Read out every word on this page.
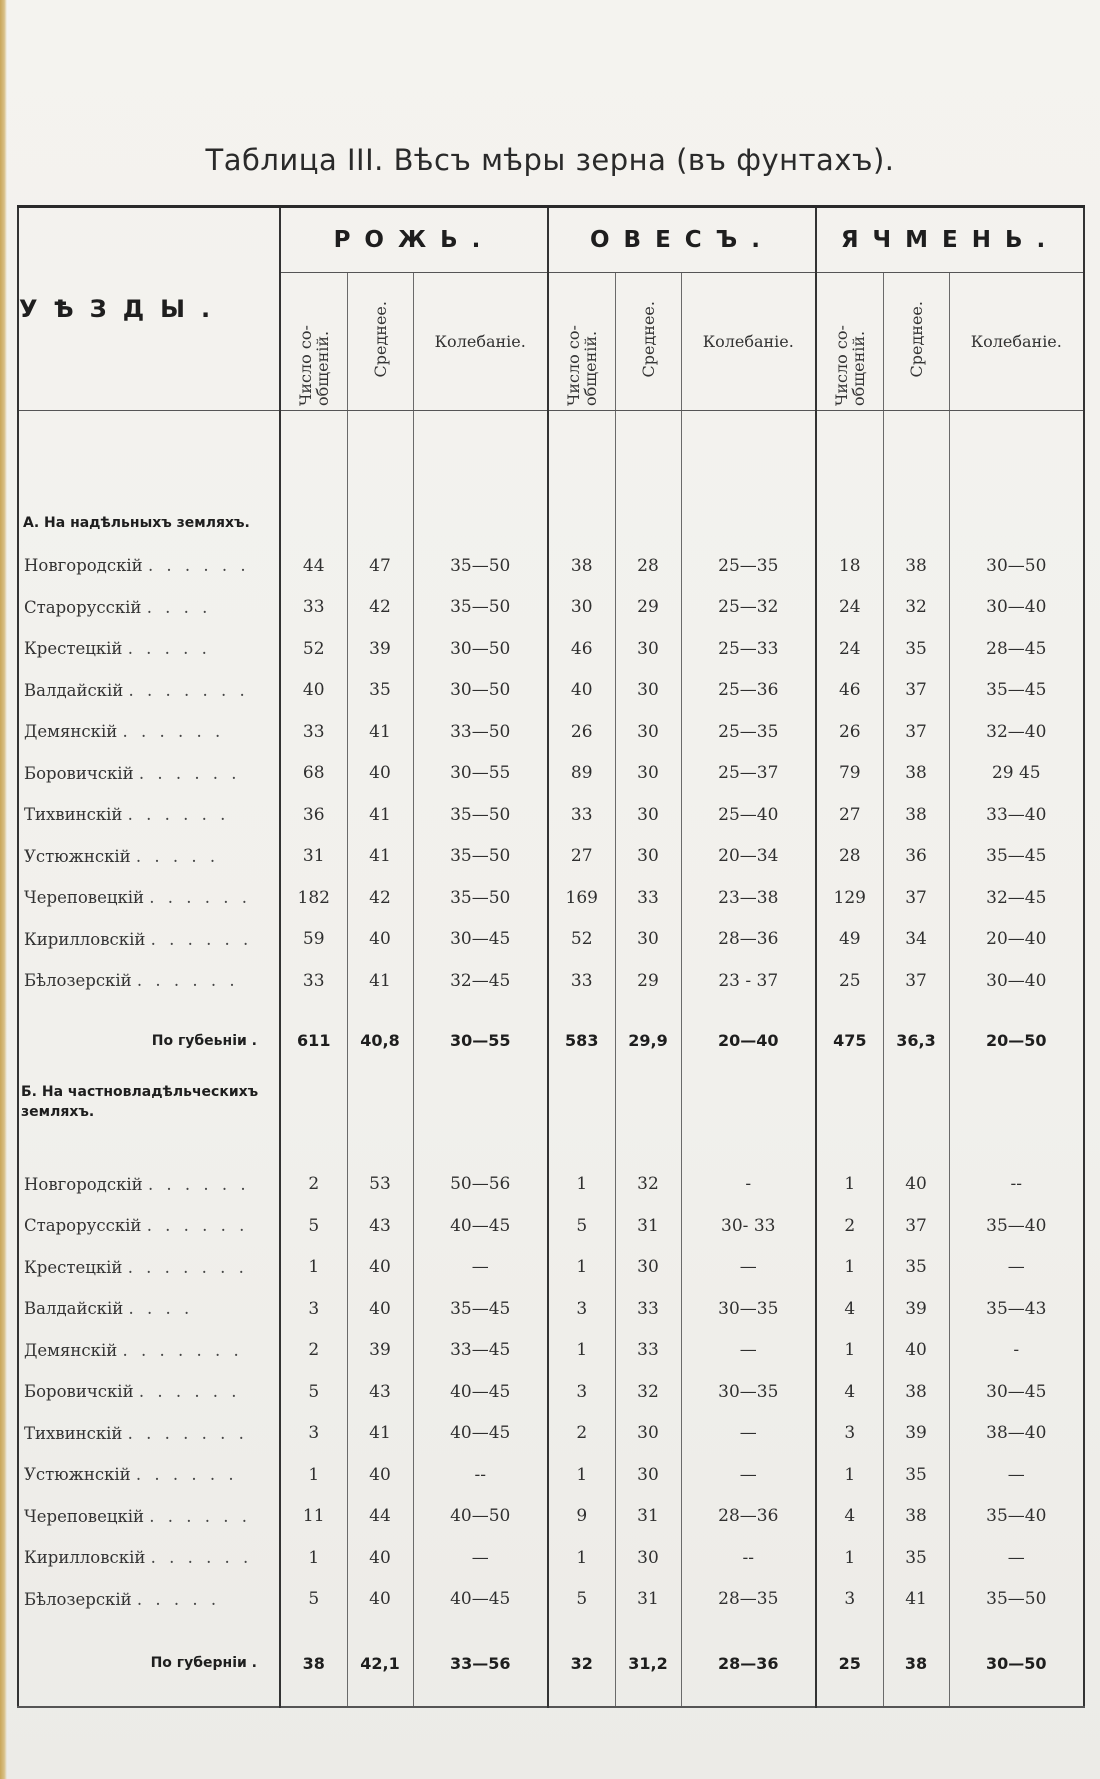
Таблица III. Вѣсъ мѣры зерна (въ фунтахъ).
УѢЗДЫ.	РОЖЬ.			ОВЕСЪ.			ЯЧМЕНЬ.		
	Число со-общеній.	Среднее.	Колебаніе.	Число со-общеній.	Среднее.	Колебаніе.	Число со-общеній.	Среднее.	Колебаніе.

А. На надѣльныхъ земляхъ.									
Новгородскій . . . . . .	44	47	35—50	38	28	25—35	18	38	30—50
Старорусскій . . . .	33	42	35—50	30	29	25—32	24	32	30—40
Крестецкій . . . . .	52	39	30—50	46	30	25—33	24	35	28—45
Валдайскій . . . . . . .	40	35	30—50	40	30	25—36	46	37	35—45
Демянскій . . . . . .	33	41	33—50	26	30	25—35	26	37	32—40
Боровичскій . . . . . .	68	40	30—55	89	30	25—37	79	38	29 45
Тихвинскій . . . . . .	36	41	35—50	33	30	25—40	27	38	33—40
Устюжнскій . . . . .	31	41	35—50	27	30	20—34	28	36	35—45
Череповецкій . . . . . .	182	42	35—50	169	33	23—38	129	37	32—45
Кирилловскій . . . . . .	59	40	30—45	52	30	28—36	49	34	20—40
Бѣлозерскій . . . . . .	33	41	32—45	33	29	23 - 37	25	37	30—40
По губеьніи .	611	40,8	30—55	583	29,9	20—40	475	36,3	20—50
Б. На частновладѣльческихъ земляхъ.									
Новгородскій . . . . . .	2	53	50—56	1	32	-	1	40	--
Старорусскій . . . . . .	5	43	40—45	5	31	30- 33	2	37	35—40
Крестецкій . . . . . . .	1	40	—	1	30	—	1	35	—
Валдайскій . . . .	3	40	35—45	3	33	30—35	4	39	35—43
Демянскій . . . . . . .	2	39	33—45	1	33	—	1	40	-
Боровичскій . . . . . .	5	43	40—45	3	32	30—35	4	38	30—45
Тихвинскій . . . . . . .	3	41	40—45	2	30	—	3	39	38—40
Устюжнскій . . . . . .	1	40	--	1	30	—	1	35	—
Череповецкій . . . . . .	11	44	40—50	9	31	28—36	4	38	35—40
Кирилловскій . . . . . .	1	40	—	1	30	--	1	35	—
Бѣлозерскій . . . . .	5	40	40—45	5	31	28—35	3	41	35—50
По губерніи .	38	42,1	33—56	32	31,2	28—36	25	38	30—50
